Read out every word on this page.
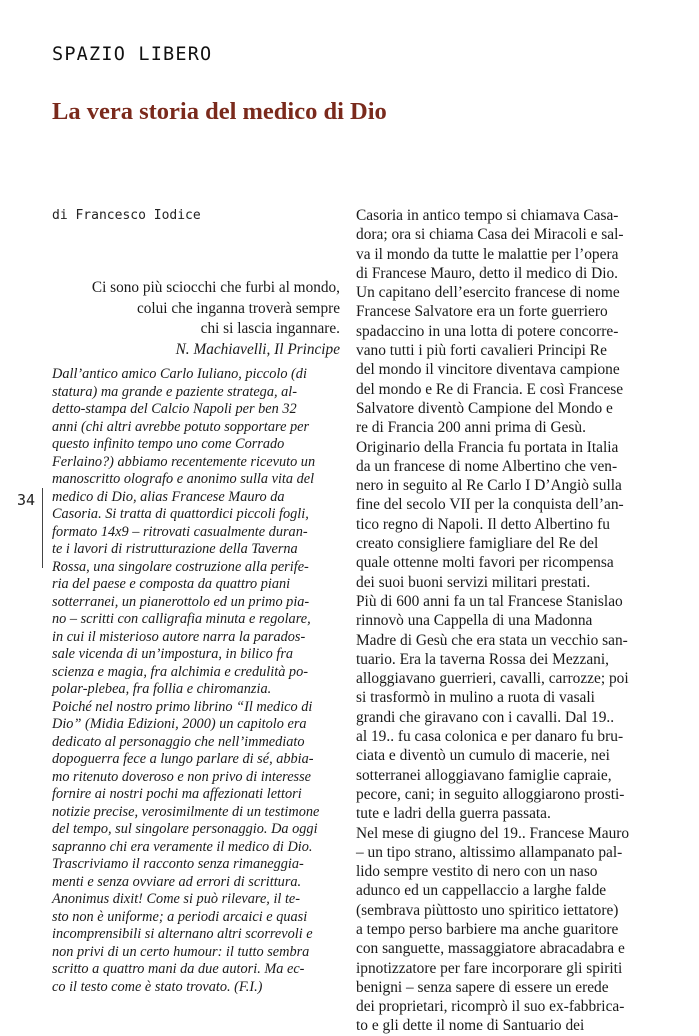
SPAZIO LIBERO
La vera storia del medico di Dio

di Francesco Iodice

Ci sono più sciocchi che furbi al mondo,
colui che inganna troverà sempre
chi si lascia ingannare.
N. Machiavelli, Il Principe
Dall’antico amico Carlo Iuliano, piccolo (di
statura) ma grande e paziente stratega, al-
detto-stampa del Calcio Napoli per ben 32
anni (chi altri avrebbe potuto sopportare per
questo infinito tempo uno come Corrado
Ferlaino?) abbiamo recentemente ricevuto un
manoscritto olografo e anonimo sulla vita del
medico di Dio, alias Francese Mauro da
Casoria. Si tratta di quattordici piccoli fogli,
formato 14x9 – ritrovati casualmente duran-
te i lavori di ristrutturazione della Taverna
Rossa, una singolare costruzione alla perife-
ria del paese e composta da quattro piani
sotterranei, un pianerottolo ed un primo pia-
no – scritti con calligrafia minuta e regolare,
in cui il misterioso autore narra la parados-
sale vicenda di un’impostura, in bilico fra
scienza e magia, fra alchimia e credulità po-
polar-plebea, fra follia e chiromanzia.
Poiché nel nostro primo librino “Il medico di
Dio” (Midia Edizioni, 2000) un capitolo era
dedicato al personaggio che nell’immediato
dopoguerra fece a lungo parlare di sé, abbia-
mo ritenuto doveroso e non privo di interesse
fornire ai nostri pochi ma affezionati lettori
notizie precise, verosimilmente di un testimone
del tempo, sul singolare personaggio. Da oggi
sapranno chi era veramente il medico di Dio.
Trascriviamo il racconto senza rimaneggia-
menti e senza ovviare ad errori di scrittura.
Anonimus dixit! Come si può rilevare, il te-
sto non è uniforme; a periodi arcaici e quasi
incomprensibili si alternano altri scorrevoli e
non privi di un certo humour: il tutto sembra
scritto a quattro mani da due autori. Ma ec-
co il testo come è stato trovato. (F.I.)
Casoria in antico tempo si chiamava Casa-
dora; ora si chiama Casa dei Miracoli e sal-
va il mondo da tutte le malattie per l’opera
di Francese Mauro, detto il medico di Dio.
Un capitano dell’esercito francese di nome
Francese Salvatore era un forte guerriero
spadaccino in una lotta di potere concorre-
vano tutti i più forti cavalieri Principi Re
del mondo il vincitore diventava campione
del mondo e Re di Francia. E così Francese
Salvatore diventò Campione del Mondo e
re di Francia 200 anni prima di Gesù.
Originario della Francia fu portata in Italia
da un francese di nome Albertino che ven-
nero in seguito al Re Carlo I D’Angiò sulla
fine del secolo VII per la conquista dell’an-
tico regno di Napoli. Il detto Albertino fu
creato consigliere famigliare del Re del
quale ottenne molti favori per ricompensa
dei suoi buoni servizi militari prestati.
Più di 600 anni fa un tal Francese Stanislao
rinnovò una Cappella di una Madonna
Madre di Gesù che era stata un vecchio san-
tuario. Era la taverna Rossa dei Mezzani,
alloggiavano guerrieri, cavalli, carrozze; poi
si trasformò in mulino a ruota di vasali
grandi che giravano con i cavalli. Dal 19..
al 19.. fu casa colonica e per danaro fu bru-
ciata e diventò un cumulo di macerie, nei
sotterranei alloggiavano famiglie capraie,
pecore, cani; in seguito alloggiarono prosti-
tute e ladri della guerra passata.
Nel mese di giugno del 19.. Francese Mauro
– un tipo strano, altissimo allampanato pal-
lido sempre vestito di nero con un naso
adunco ed un cappellaccio a larghe falde
(sembrava piùttosto uno spiritico iettatore)
a tempo perso barbiere ma anche guaritore
con sanguette, massaggiatore abracadabra e
ipnotizzatore per fare incorporare gli spiriti
benigni – senza sapere di essere un erede
dei proprietari, ricomprò il suo ex-fabbrica-
to e gli dette il nome di Santuario dei

34
